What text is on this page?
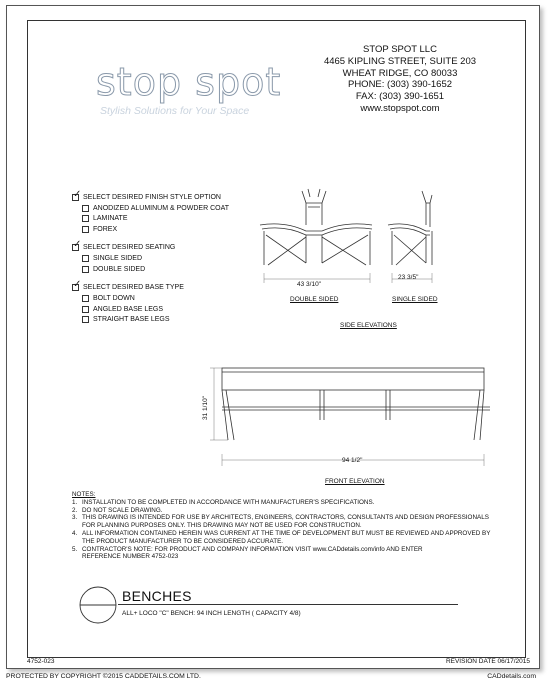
stop spot
Stylish Solutions for Your Space
STOP SPOT LLC
4465 KIPLING STREET, SUITE 203
WHEAT RIDGE, CO 80033
PHONE: (303) 390-1652
FAX: (303) 390-1651
www.stopspot.com
✓
SELECT DESIRED FINISH STYLE OPTION
ANODIZED ALUMINUM & POWDER COAT
LAMINATE
FOREX
✓
SELECT DESIRED SEATING
SINGLE SIDED
DOUBLE SIDED
✓
SELECT DESIRED BASE TYPE
BOLT DOWN
ANGLED BASE LEGS
STRAIGHT BASE LEGS
43 3/10"
DOUBLE SIDED
23 3/5"
SINGLE SIDED
SIDE ELEVATIONS
31 1/10"
94 1/2"
FRONT ELEVATION
NOTES:
1. INSTALLATION TO BE COMPLETED IN ACCORDANCE WITH MANUFACTURER'S SPECIFICATIONS.
2. DO NOT SCALE DRAWING.
3. THIS DRAWING IS INTENDED FOR USE BY ARCHITECTS, ENGINEERS, CONTRACTORS, CONSULTANTS AND DESIGN PROFESSIONALS
FOR PLANNING PURPOSES ONLY. THIS DRAWING MAY NOT BE USED FOR CONSTRUCTION.
4. ALL INFORMATION CONTAINED HEREIN WAS CURRENT AT THE TIME OF DEVELOPMENT BUT MUST BE REVIEWED AND APPROVED BY
THE PRODUCT MANUFACTURER TO BE CONSIDERED ACCURATE.
5. CONTRACTOR'S NOTE: FOR PRODUCT AND COMPANY INFORMATION VISIT www.CADdetails.com/info AND ENTER
REFERENCE NUMBER 4752-023
BENCHES
ALL+ LOCO "C" BENCH: 94 INCH LENGTH ( CAPACITY 4/8)
4752-023	REVISION DATE 06/17/2015
PROTECTED BY COPYRIGHT ©2015 CADDETAILS.COM LTD.	CADdetails.com
